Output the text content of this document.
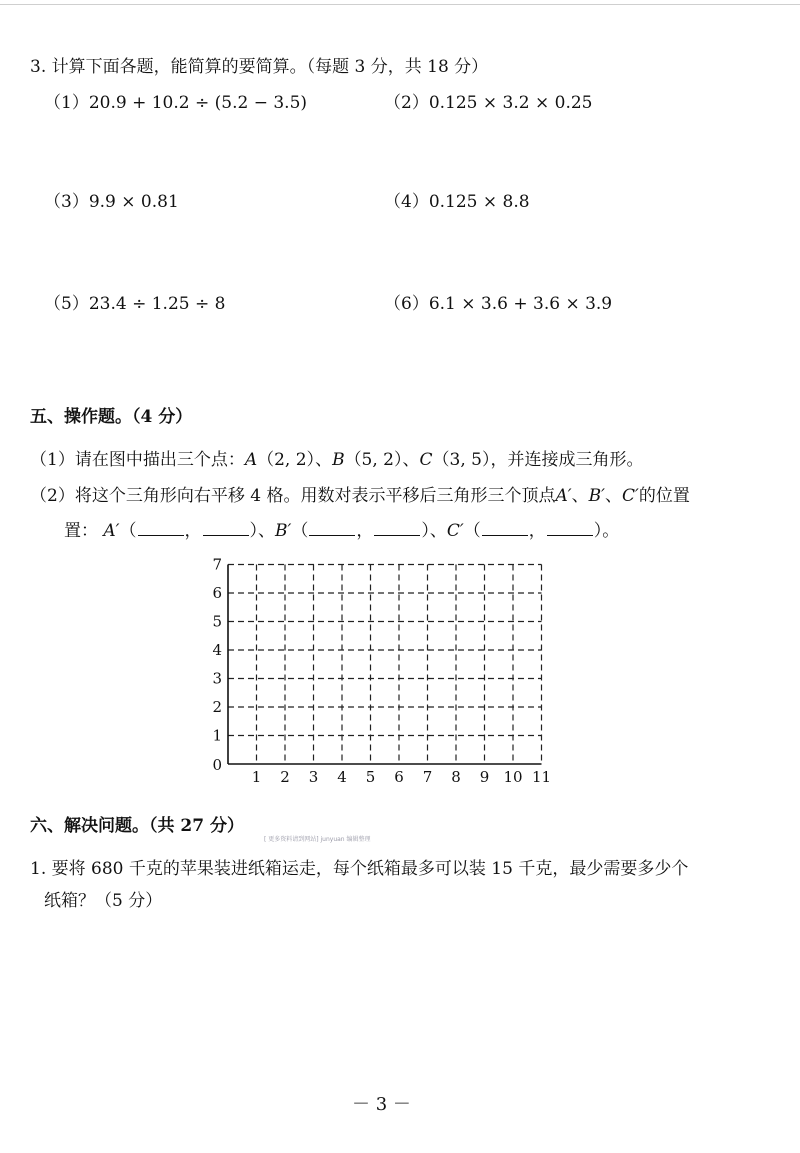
3. 计算下面各题，能简算的要简算。（每题 3 分，共 18 分）
（1）20.9 + 10.2 ÷ (5.2 − 3.5)	（2）0.125 × 3.2 × 0.25
（3）9.9 × 0.81	（4）0.125 × 8.8
（5）23.4 ÷ 1.25 ÷ 8	（6）6.1 × 3.6 + 3.6 × 3.9
五、操作题。（4 分）
（1）请在图中描出三个点：A（2, 2）、B（5, 2）、C（3, 5），并连接成三角形。
（2）将这个三角形向右平移 4 格。用数对表示平移后三角形三个顶点A′、B′、C′的位置
置： A′（	，	）、B′（	，	）、C′（	，	）。
1 2 3 4 5 6 7 8 9 10 11
1
2
3
4
5
6
7
0
六、解决问题。（共 27 分）
[ 更多资料请到网站] junyuan 编辑整理
1. 要将 680 千克的苹果装进纸箱运走，每个纸箱最多可以装 15 千克，最少需要多少个
纸箱？（5 分）
－ 3 －
